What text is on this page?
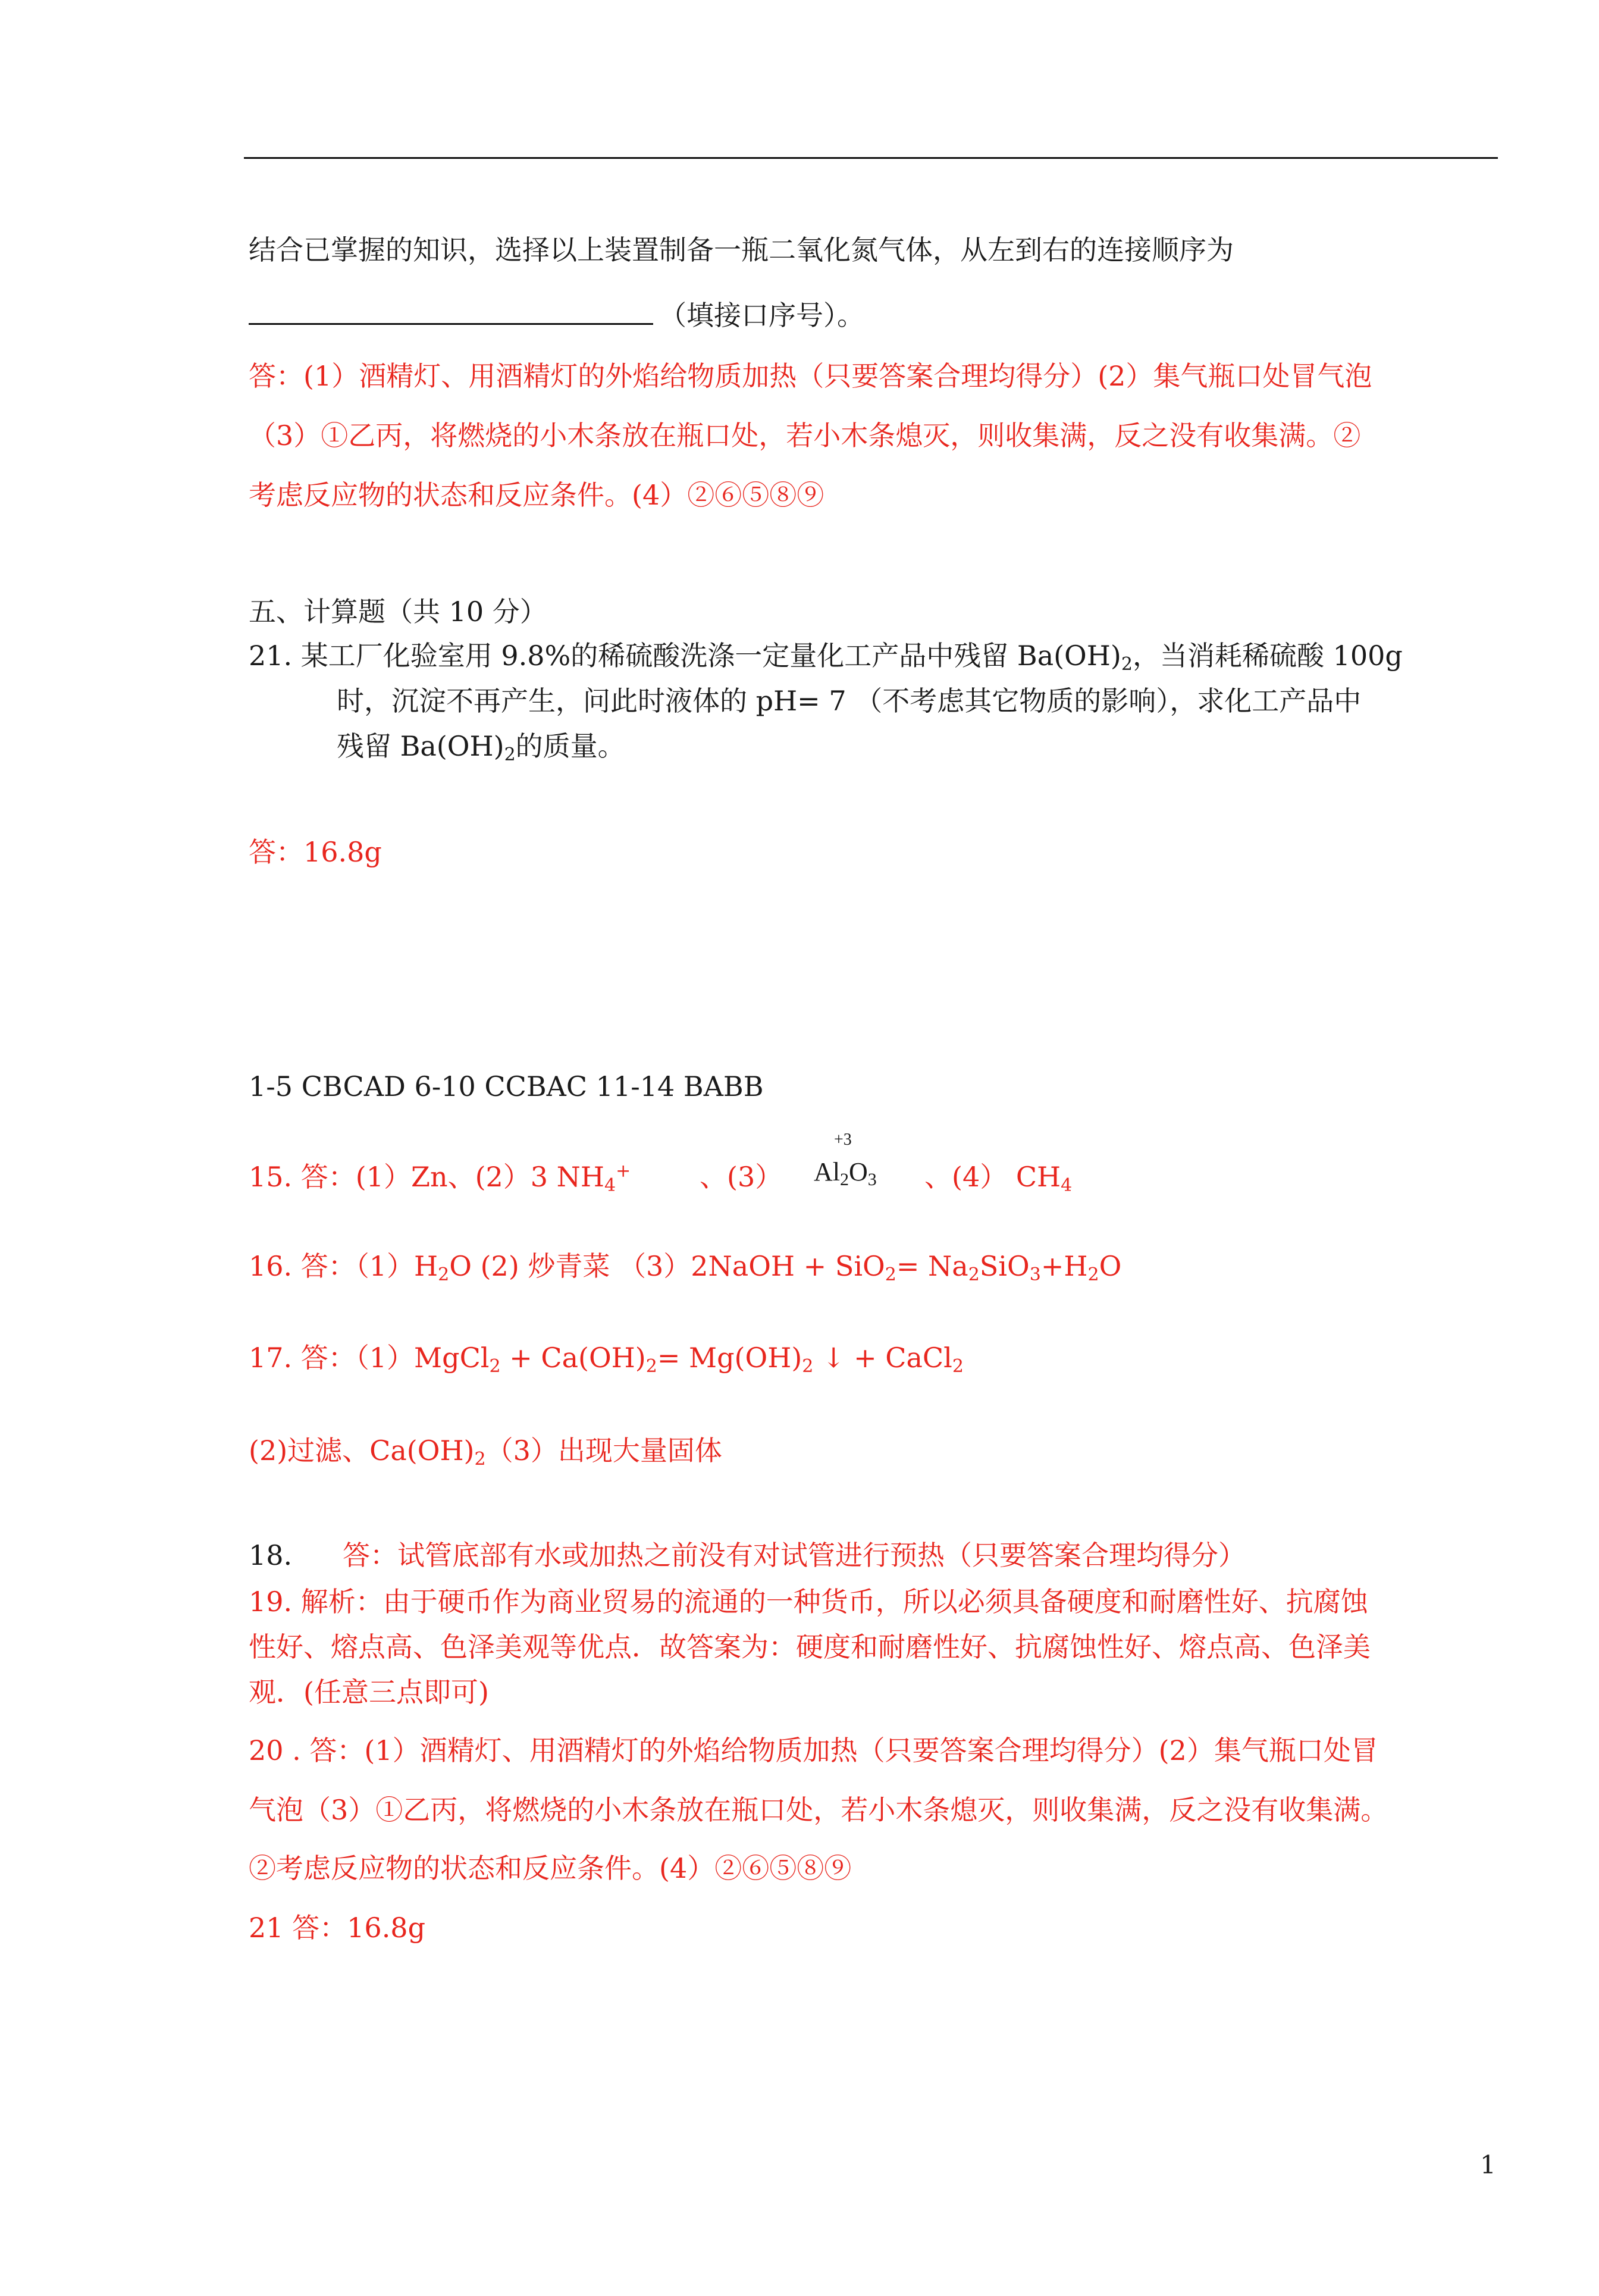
结合已掌握的知识，选择以上装置制备一瓶二氧化氮气体，从左到右的连接顺序为
（填接口序号）。
答：(1）酒精灯、用酒精灯的外焰给物质加热（只要答案合理均得分）(2）集气瓶口处冒气泡
（3）①乙丙，将燃烧的小木条放在瓶口处，若小木条熄灭，则收集满，反之没有收集满。②
考虑反应物的状态和反应条件。(4）②⑥⑤⑧⑨
五、计算题（共 10 分）
21. 某工厂化验室用 9.8%的稀硫酸洗涤一定量化工产品中残留 $Ba(OH)_2$，当消耗稀硫酸 100g
时，沉淀不再产生，问此时液体的 pH= 7 （不考虑其它物质的影响），求化工产品中
残留 $Ba(OH)_2$的质量。
答：16.8g
1-5 CBCAD 6-10 CCBAC 11-14 BABB
15. 答：(1）Zn、(2）3 $NH_4^+$	、(3）
+3
$Al_2O_3$ 、(4） $CH_4$
16. 答：$(1)H_2O$ (2) 炒青菜 （3）2NaOH + $SiO_2= Na_2SiO_3+H_2O$
17. 答：（1）MgCl$_2$ + $Ca(OH)_2= Mg(OH)_2$ ↓ + CaCl$_2$
(2)过滤、$Ca(OH)_2(3)$出现大量固体
18. 答：试管底部有水或加热之前没有对试管进行预热（只要答案合理均得分）
19. 解析：由于硬币作为商业贸易的流通的一种货币，所以必须具备硬度和耐磨性好、抗腐蚀
性好、熔点高、色泽美观等优点．故答案为：硬度和耐磨性好、抗腐蚀性好、熔点高、色泽美
观．(任意三点即可)
20 . 答：(1）酒精灯、用酒精灯的外焰给物质加热（只要答案合理均得分）(2）集气瓶口处冒
气泡（3）①乙丙，将燃烧的小木条放在瓶口处，若小木条熄灭，则收集满，反之没有收集满。
②考虑反应物的状态和反应条件。(4）②⑥⑤⑧⑨
21 答：16.8g
1
